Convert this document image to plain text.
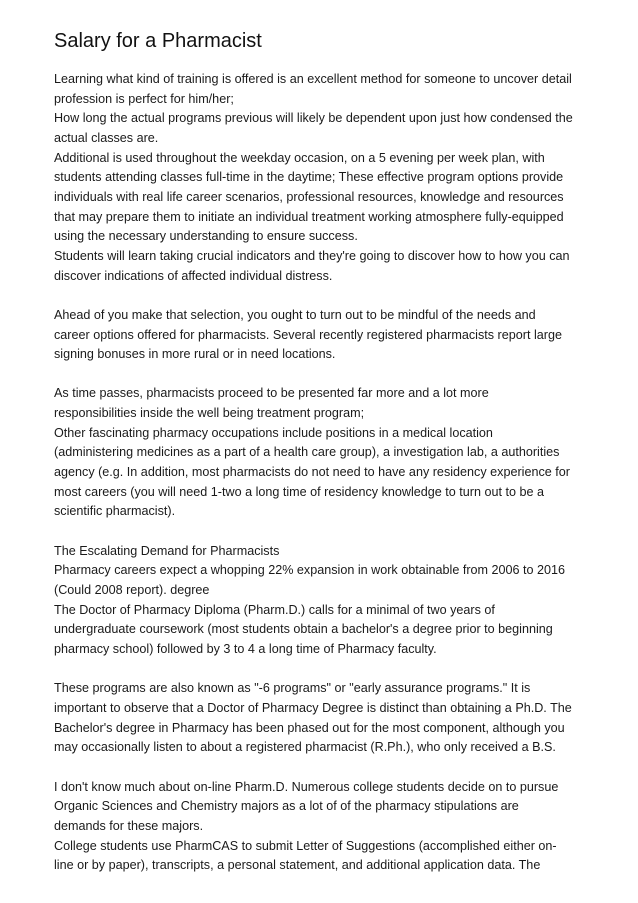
Salary for a Pharmacist
Learning what kind of training is offered is an excellent method for someone to uncover detail
profession is perfect for him/her;
How long the actual programs previous will likely be dependent upon just how condensed the
actual classes are.
Additional is used throughout the weekday occasion, on a 5 evening per week plan, with
students attending classes full-time in the daytime; These effective program options provide
individuals with real life career scenarios, professional resources, knowledge and resources
that may prepare them to initiate an individual treatment working atmosphere fully-equipped
using the necessary understanding to ensure success.
Students will learn taking crucial indicators and they're going to discover how to how you can
discover indications of affected individual distress.
Ahead of you make that selection, you ought to turn out to be mindful of the needs and
career options offered for pharmacists. Several recently registered pharmacists report large
signing bonuses in more rural or in need locations.
As time passes, pharmacists proceed to be presented far more and a lot more
responsibilities inside the well being treatment program;
Other fascinating pharmacy occupations include positions in a medical location
(administering medicines as a part of a health care group), a investigation lab, a authorities
agency (e.g. In addition, most pharmacists do not need to have any residency experience for
most careers (you will need 1-two a long time of residency knowledge to turn out to be a
scientific pharmacist).
The Escalating Demand for Pharmacists
Pharmacy careers expect a whopping 22% expansion in work obtainable from 2006 to 2016
(Could 2008 report). degree
The Doctor of Pharmacy Diploma (Pharm.D.) calls for a minimal of two years of
undergraduate coursework (most students obtain a bachelor's a degree prior to beginning
pharmacy school) followed by 3 to 4 a long time of Pharmacy faculty.
These programs are also known as "-6 programs" or "early assurance programs." It is
important to observe that a Doctor of Pharmacy Degree is distinct than obtaining a Ph.D. The
Bachelor's degree in Pharmacy has been phased out for the most component, although you
may occasionally listen to about a registered pharmacist (R.Ph.), who only received a B.S.
I don't know much about on-line Pharm.D. Numerous college students decide on to pursue
Organic Sciences and Chemistry majors as a lot of of the pharmacy stipulations are
demands for these majors.
College students use PharmCAS to submit Letter of Suggestions (accomplished either on-
line or by paper), transcripts, a personal statement, and additional application data. The
